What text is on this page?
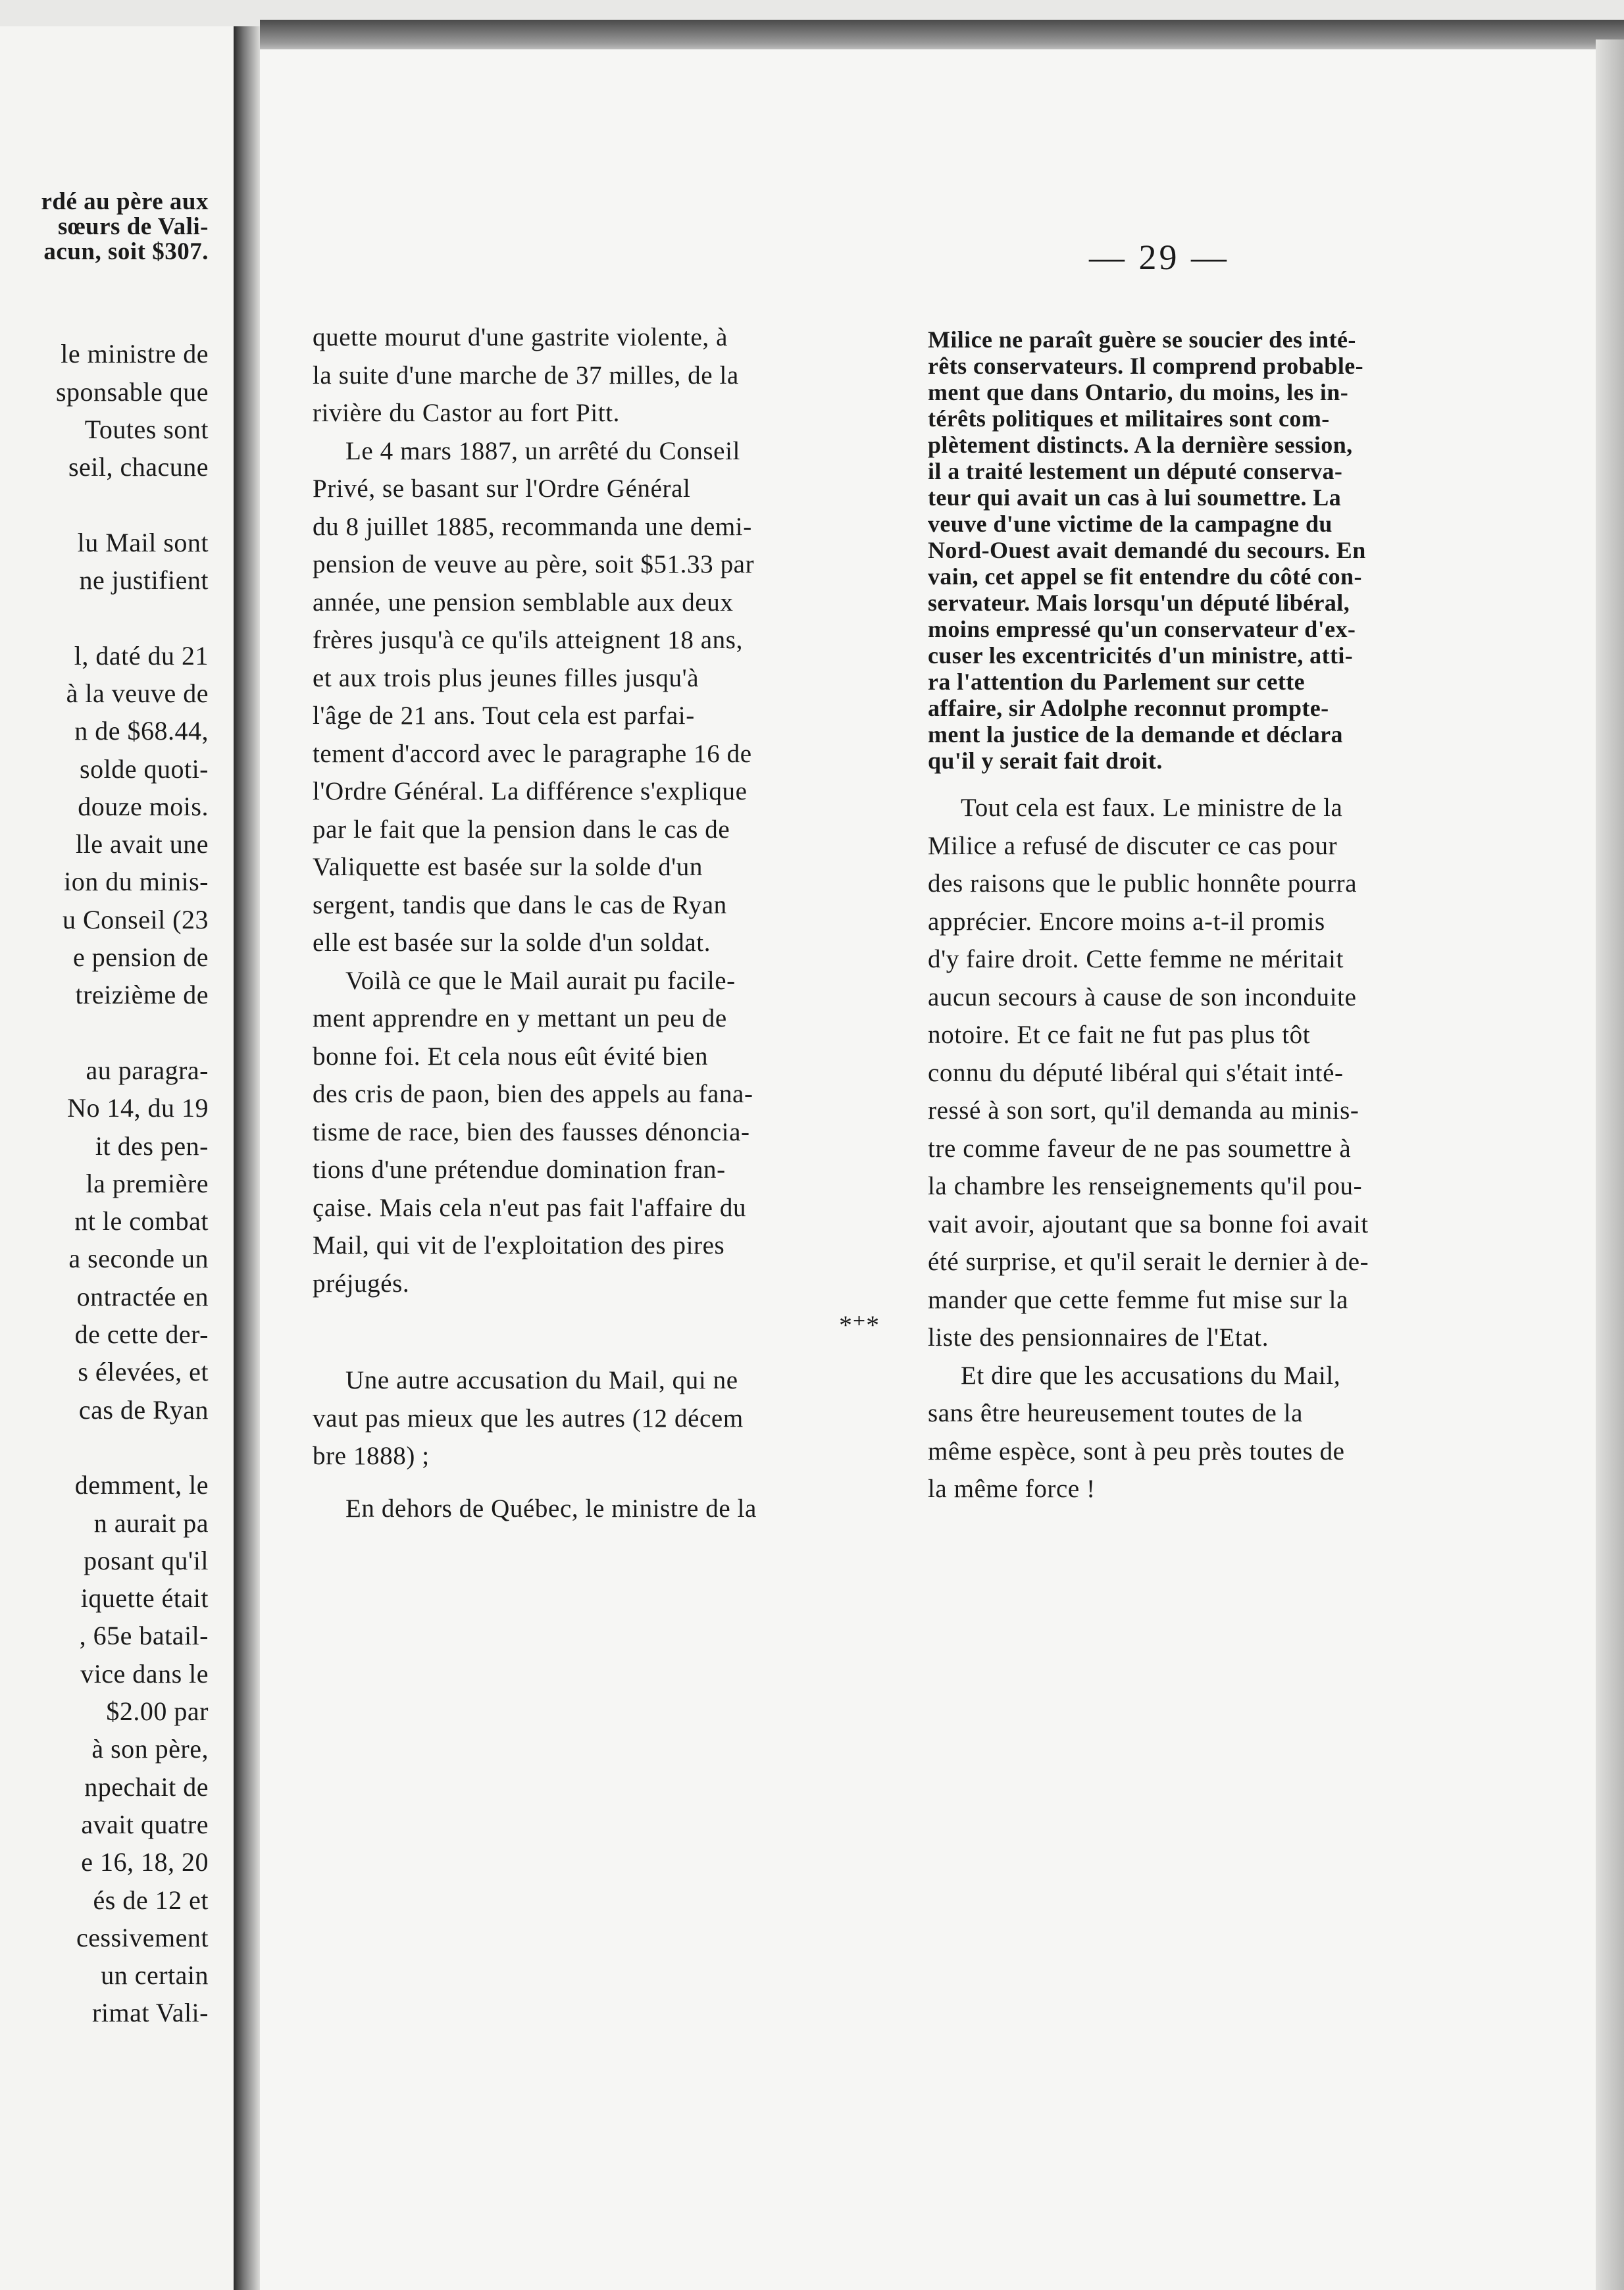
rdé au père aux
sœurs de Vali-
acun, soit $307.
le ministre de
sponsable que
Toutes sont
seil, chacune
lu Mail sont
ne justifient
l, daté du 21
à la veuve de
n de $68.44,
solde quoti-
douze mois.
lle avait une
ion du minis-
u Conseil (23
e pension de
treizième de
au paragra-
No 14, du 19
it des pen-
la première
nt le combat
a seconde un
ontractée en
de cette der-
s élevées, et
cas de Ryan
demment, le
n aurait pa
posant qu'il
iquette était
, 65e batail-
vice dans le
$2.00 par
à son père,
npechait de
avait quatre
e 16, 18, 20
és de 12 et
cessivement
un certain
rimat Vali-
— 29 —
quette mourut d'une gastrite violente, à
la suite d'une marche de 37 milles, de la
rivière du Castor au fort Pitt.
Le 4 mars 1887, un arrêté du Conseil
Privé, se basant sur l'Ordre Général
du 8 juillet 1885, recommanda une demi-
pension de veuve au père, soit $51.33 par
année, une pension semblable aux deux
frères jusqu'à ce qu'ils atteignent 18 ans,
et aux trois plus jeunes filles jusqu'à
l'âge de 21 ans. Tout cela est parfai-
tement d'accord avec le paragraphe 16 de
l'Ordre Général. La différence s'explique
par le fait que la pension dans le cas de
Valiquette est basée sur la solde d'un
sergent, tandis que dans le cas de Ryan
elle est basée sur la solde d'un soldat.
Voilà ce que le Mail aurait pu facile-
ment apprendre en y mettant un peu de
bonne foi. Et cela nous eût évité bien
des cris de paon, bien des appels au fana-
tisme de race, bien des fausses dénoncia-
tions d'une prétendue domination fran-
çaise. Mais cela n'eut pas fait l'affaire du
Mail, qui vit de l'exploitation des pires
préjugés.
Une autre accusation du Mail, qui ne
vaut pas mieux que les autres (12 décem
bre 1888) ;
En dehors de Québec, le ministre de la
*⁺*
Milice ne paraît guère se soucier des inté-
rêts conservateurs. Il comprend probable-
ment que dans Ontario, du moins, les in-
térêts politiques et militaires sont com-
plètement distincts. A la dernière session,
il a traité lestement un député conserva-
teur qui avait un cas à lui soumettre. La
veuve d'une victime de la campagne du
Nord-Ouest avait demandé du secours. En
vain, cet appel se fit entendre du côté con-
servateur. Mais lorsqu'un député libéral,
moins empressé qu'un conservateur d'ex-
cuser les excentricités d'un ministre, atti-
ra l'attention du Parlement sur cette
affaire, sir Adolphe reconnut prompte-
ment la justice de la demande et déclara
qu'il y serait fait droit.
Tout cela est faux. Le ministre de la
Milice a refusé de discuter ce cas pour
des raisons que le public honnête pourra
apprécier. Encore moins a-t-il promis
d'y faire droit. Cette femme ne méritait
aucun secours à cause de son inconduite
notoire. Et ce fait ne fut pas plus tôt
connu du député libéral qui s'était inté-
ressé à son sort, qu'il demanda au minis-
tre comme faveur de ne pas soumettre à
la chambre les renseignements qu'il pou-
vait avoir, ajoutant que sa bonne foi avait
été surprise, et qu'il serait le dernier à de-
mander que cette femme fut mise sur la
liste des pensionnaires de l'Etat.
Et dire que les accusations du Mail,
sans être heureusement toutes de la
même espèce, sont à peu près toutes de
la même force !
